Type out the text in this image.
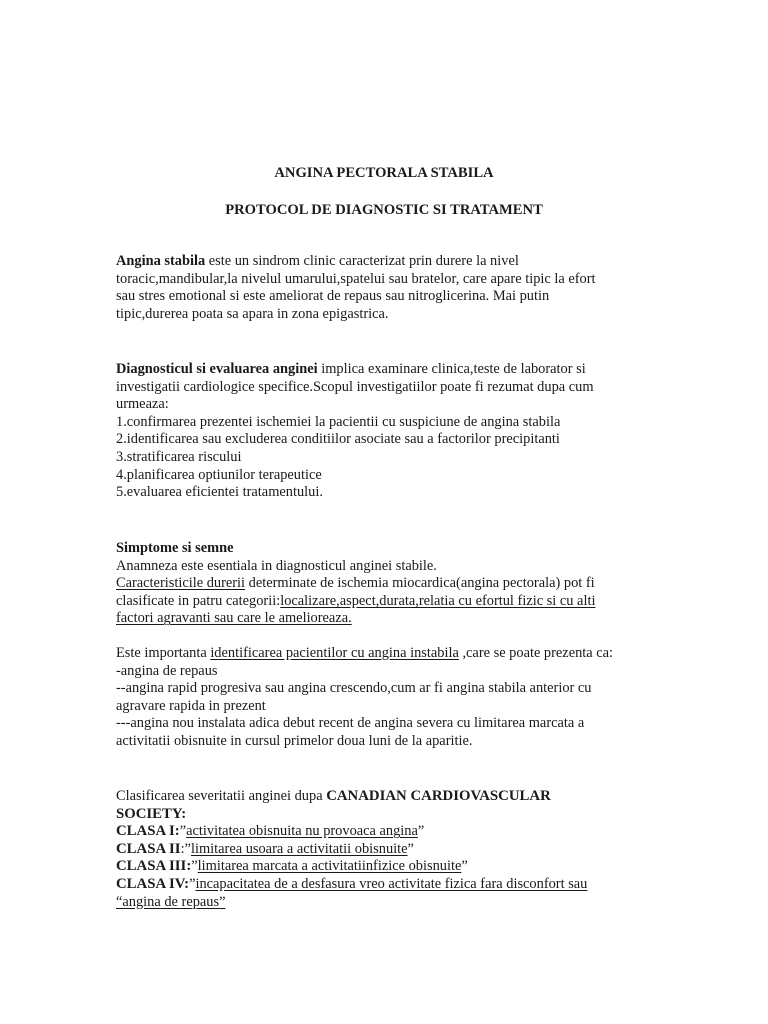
ANGINA PECTORALA STABILA
PROTOCOL DE DIAGNOSTIC SI TRATAMENT
Angina stabila este un sindrom clinic caracterizat prin durere la nivel
toracic,mandibular,la nivelul umarului,spatelui sau bratelor, care apare tipic la efort
sau stres emotional si este ameliorat de repaus sau nitroglicerina. Mai putin
tipic,durerea poata sa apara in zona epigastrica.
Diagnosticul si evaluarea anginei implica examinare clinica,teste de laborator si
investigatii cardiologice specifice.Scopul investigatiilor poate fi rezumat dupa cum
urmeaza:
1.confirmarea prezentei ischemiei la pacientii cu suspiciune de angina stabila
2.identificarea sau excluderea conditiilor asociate sau a factorilor precipitanti
3.stratificarea riscului
4.planificarea optiunilor terapeutice
5.evaluarea eficientei tratamentului.
Simptome si semne
Anamneza este esentiala in diagnosticul anginei stabile.
Caracteristicile durerii determinate de ischemia miocardica(angina pectorala) pot fi
clasificate in patru categorii:localizare,aspect,durata,relatia cu efortul fizic si cu alti
factori agravanti sau care le amelioreaza.
Este importanta identificarea pacientilor cu angina instabila ,care se poate prezenta ca:
-angina de repaus
--angina rapid progresiva sau angina crescendo,cum ar fi angina stabila anterior cu
agravare rapida in prezent
---angina nou instalata adica debut recent de angina severa cu limitarea marcata a
activitatii obisnuite in cursul primelor doua luni de la aparitie.
Clasificarea severitatii anginei dupa CANADIAN CARDIOVASCULAR
SOCIETY:
CLASA I:”activitatea obisnuita nu provoaca angina”
CLASA II:”limitarea usoara a activitatii obisnuite”
CLASA III:”limitarea marcata a activitatiinfizice obisnuite”
CLASA IV:”incapacitatea de a desfasura vreo activitate fizica fara disconfort sau
“angina de repaus”
